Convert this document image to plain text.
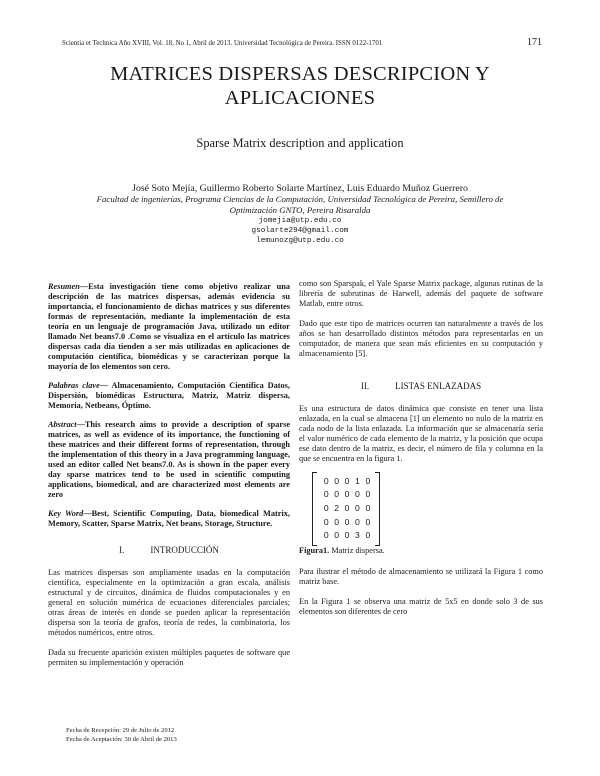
Scientia et Technica Año XVIII, Vol. 18, No 1, Abril de 2013. Universidad Tecnológica de Pereira. ISSN 0122-1701	171
MATRICES DISPERSAS DESCRIPCION Y
APLICACIONES
Sparse Matrix description and application
José Soto Mejía, Guillermo Roberto Solarte Martínez, Luis Eduardo Muñoz Guerrero
Facultad de ingenierías, Programa Ciencias de la Computación, Universidad Tecnológica de Pereira, Semillero de
Optimización GNTO, Pereira Risaralda
jomejia@utp.edu.co
gsolarte294@gmail.com
lemunozg@utp.edu.co

Resumen—Esta investigación tiene como objetivo realizar una descripción de las matrices dispersas, además evidencia su importancia, el funcionamiento de dichas matrices y sus diferentes formas de representación, mediante la implementación de esta teoría en un lenguaje de programación Java, utilizado un editor llamado Net beans7.0 .Como se visualiza en el artículo las matrices dispersas cada día tienden a ser más utilizadas en aplicaciones de computación científica, biomédicas y se caracterizan porque la mayoría de los elementos son cero.

Palabras clave— Almacenamiento, Computación Científica Datos, Dispersión, biomédicas Estructura, Matriz, Matriz dispersa, Memoria, Netbeans, Óptimo.

Abstract—This research aims to provide a description of sparse matrices, as well as evidence of its importance, the functioning of these matrices and their different forms of representation, through the implementation of this theory in a Java programming language, used an editor called Net beans7.0. As is shown in the paper every day sparse matrices tend to be used in scientific computing applications, biomedical, and are characterized most elements are zero

Key Word—Best, Scientific Computing, Data, biomedical Matrix, Memory, Scatter, Sparse Matrix, Net beans, Storage, Structure.

I.	INTRODUCCIÓN

Las matrices dispersas son ampliamente usadas en la computación científica, especialmente en la optimización a gran escala, análisis estructural y de circuitos, dinámica de fluidos computacionales y en general en solución numérica de ecuaciones diferenciales parciales; otras áreas de interés en donde se pueden aplicar la representación dispersa son la teoría de grafos, teoría de redes, la combinatoria, los métodos numéricos, entre otros.

Dada su frecuente aparición existen múltiples paquetes de software que permiten su implementación y operación

como son Sparspak, el Yale Sparse Matrix package, algunas rutinas de la librería de subrutinas de Harwell, además del paquete de software Matlab, entre otros.

Dado que este tipo de matrices ocurren tan naturalmente a través de los años se han desarrollado distintos métodos para representarlas en un computador, de manera que sean más eficientes en su computación y almacenamiento [5].

II.	LISTAS ENLAZADAS

Es una estructura de datos dinámica que consiste en tener una lista enlazada, en la cual se almacena [1] un elemento no nulo de la matriz en cada nodo de la lista enlazada. La información que se almacenaría sería el valor numérico de cada elemento de la matriz, y la posición que ocupa ese dato dentro de la matriz, es decir, el número de fila y columna en la que se encuentra en la figura 1.

0 0 0 1 0
0 0 0 0 0
0 2 0 0 0
0 0 0 0 0
0 0 0 3 0

Figura1. Matriz dispersa.

Para ilustrar el método de almacenamiento se utilizará la Figura 1 como matriz base.

En la Figura 1 se observa una matriz de 5x5 en donde solo 3 de sus elementos son diferentes de cero

Fecha de Recepción: 29 de Julio de 2012
Fecha de Aceptación: 30 de Abril de 2013
